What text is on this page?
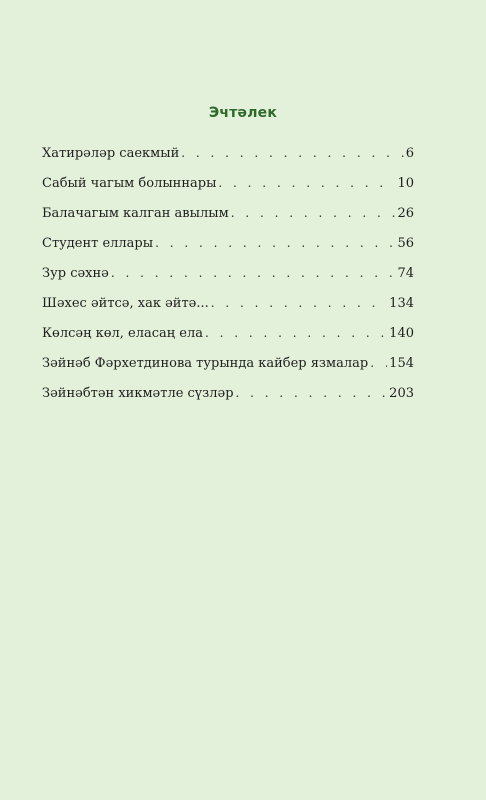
Эчтәлек
Хатирәләр саекмый . . .	6
Сабый чагым болыннары . . .	10
Балачагым калган авылым . . .	26
Студент еллары . . .	56
Зур сәхнә . . .	74
Шәхес әйтсә, хак әйтә... . . .	134
Көлсәң көл, еласаң ела . . .	140
Зәйнәб Фәрхетдинова турында кайбер язмалар . . . 154
Зәйнәбтән хикмәтле сүзләр . . .	203
